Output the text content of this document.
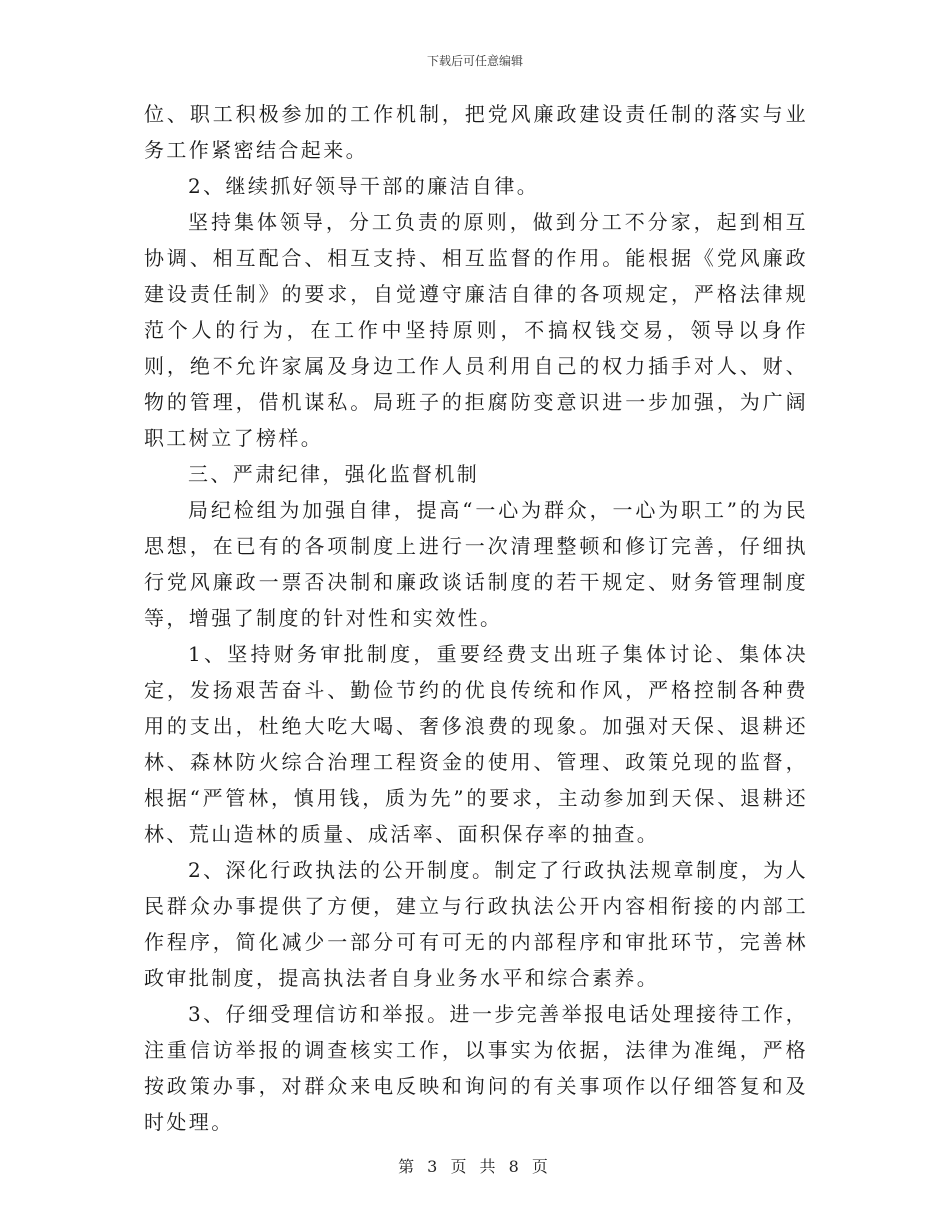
下载后可任意编辑

位、职工积极参加的工作机制，把党风廉政建设责任制的落实与业务工作紧密结合起来。

2、继续抓好领导干部的廉洁自律。

坚持集体领导，分工负责的原则，做到分工不分家，起到相互协调、相互配合、相互支持、相互监督的作用。能根据《党风廉政建设责任制》的要求，自觉遵守廉洁自律的各项规定，严格法律规范个人的行为，在工作中坚持原则，不搞权钱交易，领导以身作则，绝不允许家属及身边工作人员利用自己的权力插手对人、财、物的管理，借机谋私。局班子的拒腐防变意识进一步加强，为广阔职工树立了榜样。

三、严肃纪律，强化监督机制

局纪检组为加强自律，提高“一心为群众，一心为职工”的为民思想，在已有的各项制度上进行一次清理整顿和修订完善，仔细执行党风廉政一票否决制和廉政谈话制度的若干规定、财务管理制度等，增强了制度的针对性和实效性。

1、坚持财务审批制度，重要经费支出班子集体讨论、集体决定，发扬艰苦奋斗、勤俭节约的优良传统和作风，严格控制各种费用的支出，杜绝大吃大喝、奢侈浪费的现象。加强对天保、退耕还林、森林防火综合治理工程资金的使用、管理、政策兑现的监督，根据“严管林，慎用钱，质为先”的要求，主动参加到天保、退耕还林、荒山造林的质量、成活率、面积保存率的抽查。

2、深化行政执法的公开制度。制定了行政执法规章制度，为人民群众办事提供了方便，建立与行政执法公开内容相衔接的内部工作程序，简化减少一部分可有可无的内部程序和审批环节，完善林政审批制度，提高执法者自身业务水平和综合素养。

3、仔细受理信访和举报。进一步完善举报电话处理接待工作，注重信访举报的调查核实工作，以事实为依据，法律为准绳，严格按政策办事，对群众来电反映和询问的有关事项作以仔细答复和及时处理。

第 3 页 共 8 页
